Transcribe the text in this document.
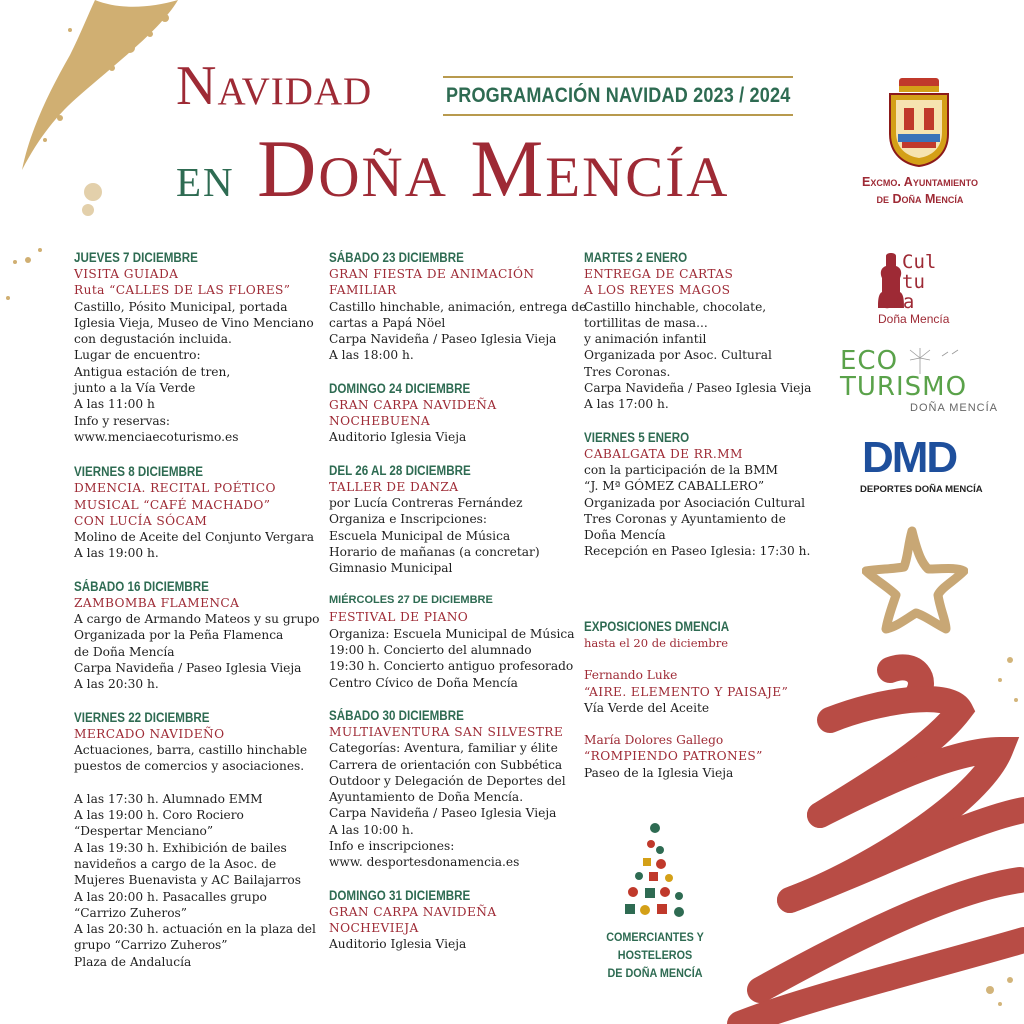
Navidad
en Doña Mencía
PROGRAMACIÓN NAVIDAD 2023 / 2024
Excmo. Ayuntamiento
de Doña Mencía
Cul
tu
Cra
Doña Mencía
ECO
TURISMO
DOÑA MENCÍA
DMD
DEPORTES DOÑA MENCÍA
JUEVES 7 DICIEMBRE
VISITA GUIADA
Ruta “CALLES DE LAS FLORES”
Castillo, Pósito Municipal, portada
Iglesia Vieja, Museo de Vino Menciano
con degustación incluida.
Lugar de encuentro:
Antigua estación de tren,
junto a la Vía Verde
A las 11:00 h
Info y reservas:
www.menciaecoturismo.es
VIERNES 8 DICIEMBRE
DMENCIA. RECITAL POÉTICO
MUSICAL “CAFÉ MACHADO”
CON LUCÍA SÓCAM
Molino de Aceite del Conjunto Vergara
A las 19:00 h.
SÁBADO 16 DICIEMBRE
ZAMBOMBA FLAMENCA
A cargo de Armando Mateos y su grupo
Organizada por la Peña Flamenca
de Doña Mencía
Carpa Navideña / Paseo Iglesia Vieja
A las 20:30 h.
VIERNES 22 DICIEMBRE
MERCADO NAVIDEÑO
Actuaciones, barra, castillo hinchable
puestos de comercios y asociaciones.
A las 17:30 h. Alumnado EMM
A las 19:00 h. Coro Rociero
“Despertar Menciano”
A las 19:30 h. Exhibición de bailes
navideños a cargo de la Asoc. de
Mujeres Buenavista y AC Bailajarros
A las 20:00 h. Pasacalles grupo
“Carrizo Zuheros”
A las 20:30 h. actuación en la plaza del
grupo “Carrizo Zuheros”
Plaza de Andalucía
SÁBADO 23 DICIEMBRE
GRAN FIESTA DE ANIMACIÓN
FAMILIAR
Castillo hinchable, animación, entrega de
cartas a Papá Nöel
Carpa Navideña / Paseo Iglesia Vieja
A las 18:00 h.
DOMINGO 24 DICIEMBRE
GRAN CARPA NAVIDEÑA
NOCHEBUENA
Auditorio Iglesia Vieja
DEL 26 AL 28 DICIEMBRE
TALLER DE DANZA
por Lucía Contreras Fernández
Organiza e Inscripciones:
Escuela Municipal de Música
Horario de mañanas (a concretar)
Gimnasio Municipal
MIÉRCOLES 27 DE DICIEMBRE
FESTIVAL DE PIANO
Organiza: Escuela Municipal de Música
19:00 h. Concierto del alumnado
19:30 h. Concierto antiguo profesorado
Centro Cívico de Doña Mencía
SÁBADO 30 DICIEMBRE
MULTIAVENTURA SAN SILVESTRE
Categorías: Aventura, familiar y élite
Carrera de orientación con Subbética
Outdoor y Delegación de Deportes del
Ayuntamiento de Doña Mencía.
Carpa Navideña / Paseo Iglesia Vieja
A las 10:00 h.
Info e inscripciones:
www. desportesdonamencia.es
DOMINGO 31 DICIEMBRE
GRAN CARPA NAVIDEÑA
NOCHEVIEJA
Auditorio Iglesia Vieja
MARTES 2 ENERO
ENTREGA DE CARTAS
A LOS REYES MAGOS
Castillo hinchable, chocolate,
tortillitas de masa...
y animación infantil
Organizada por Asoc. Cultural
Tres Coronas.
Carpa Navideña / Paseo Iglesia Vieja
A las 17:00 h.
VIERNES 5 ENERO
CABALGATA DE RR.MM
con la participación de la BMM
“J. Mª GÓMEZ CABALLERO”
Organizada por Asociación Cultural
Tres Coronas y Ayuntamiento de
Doña Mencía
Recepción en Paseo Iglesia: 17:30 h.
EXPOSICIONES DMENCIA
hasta el 20 de diciembre
Fernando Luke
“AIRE. ELEMENTO Y PAISAJE”
Vía Verde del Aceite
María Dolores Gallego
“ROMPIENDO PATRONES”
Paseo de la Iglesia Vieja
COMERCIANTES Y HOSTELEROS
DE DOÑA MENCÍA
